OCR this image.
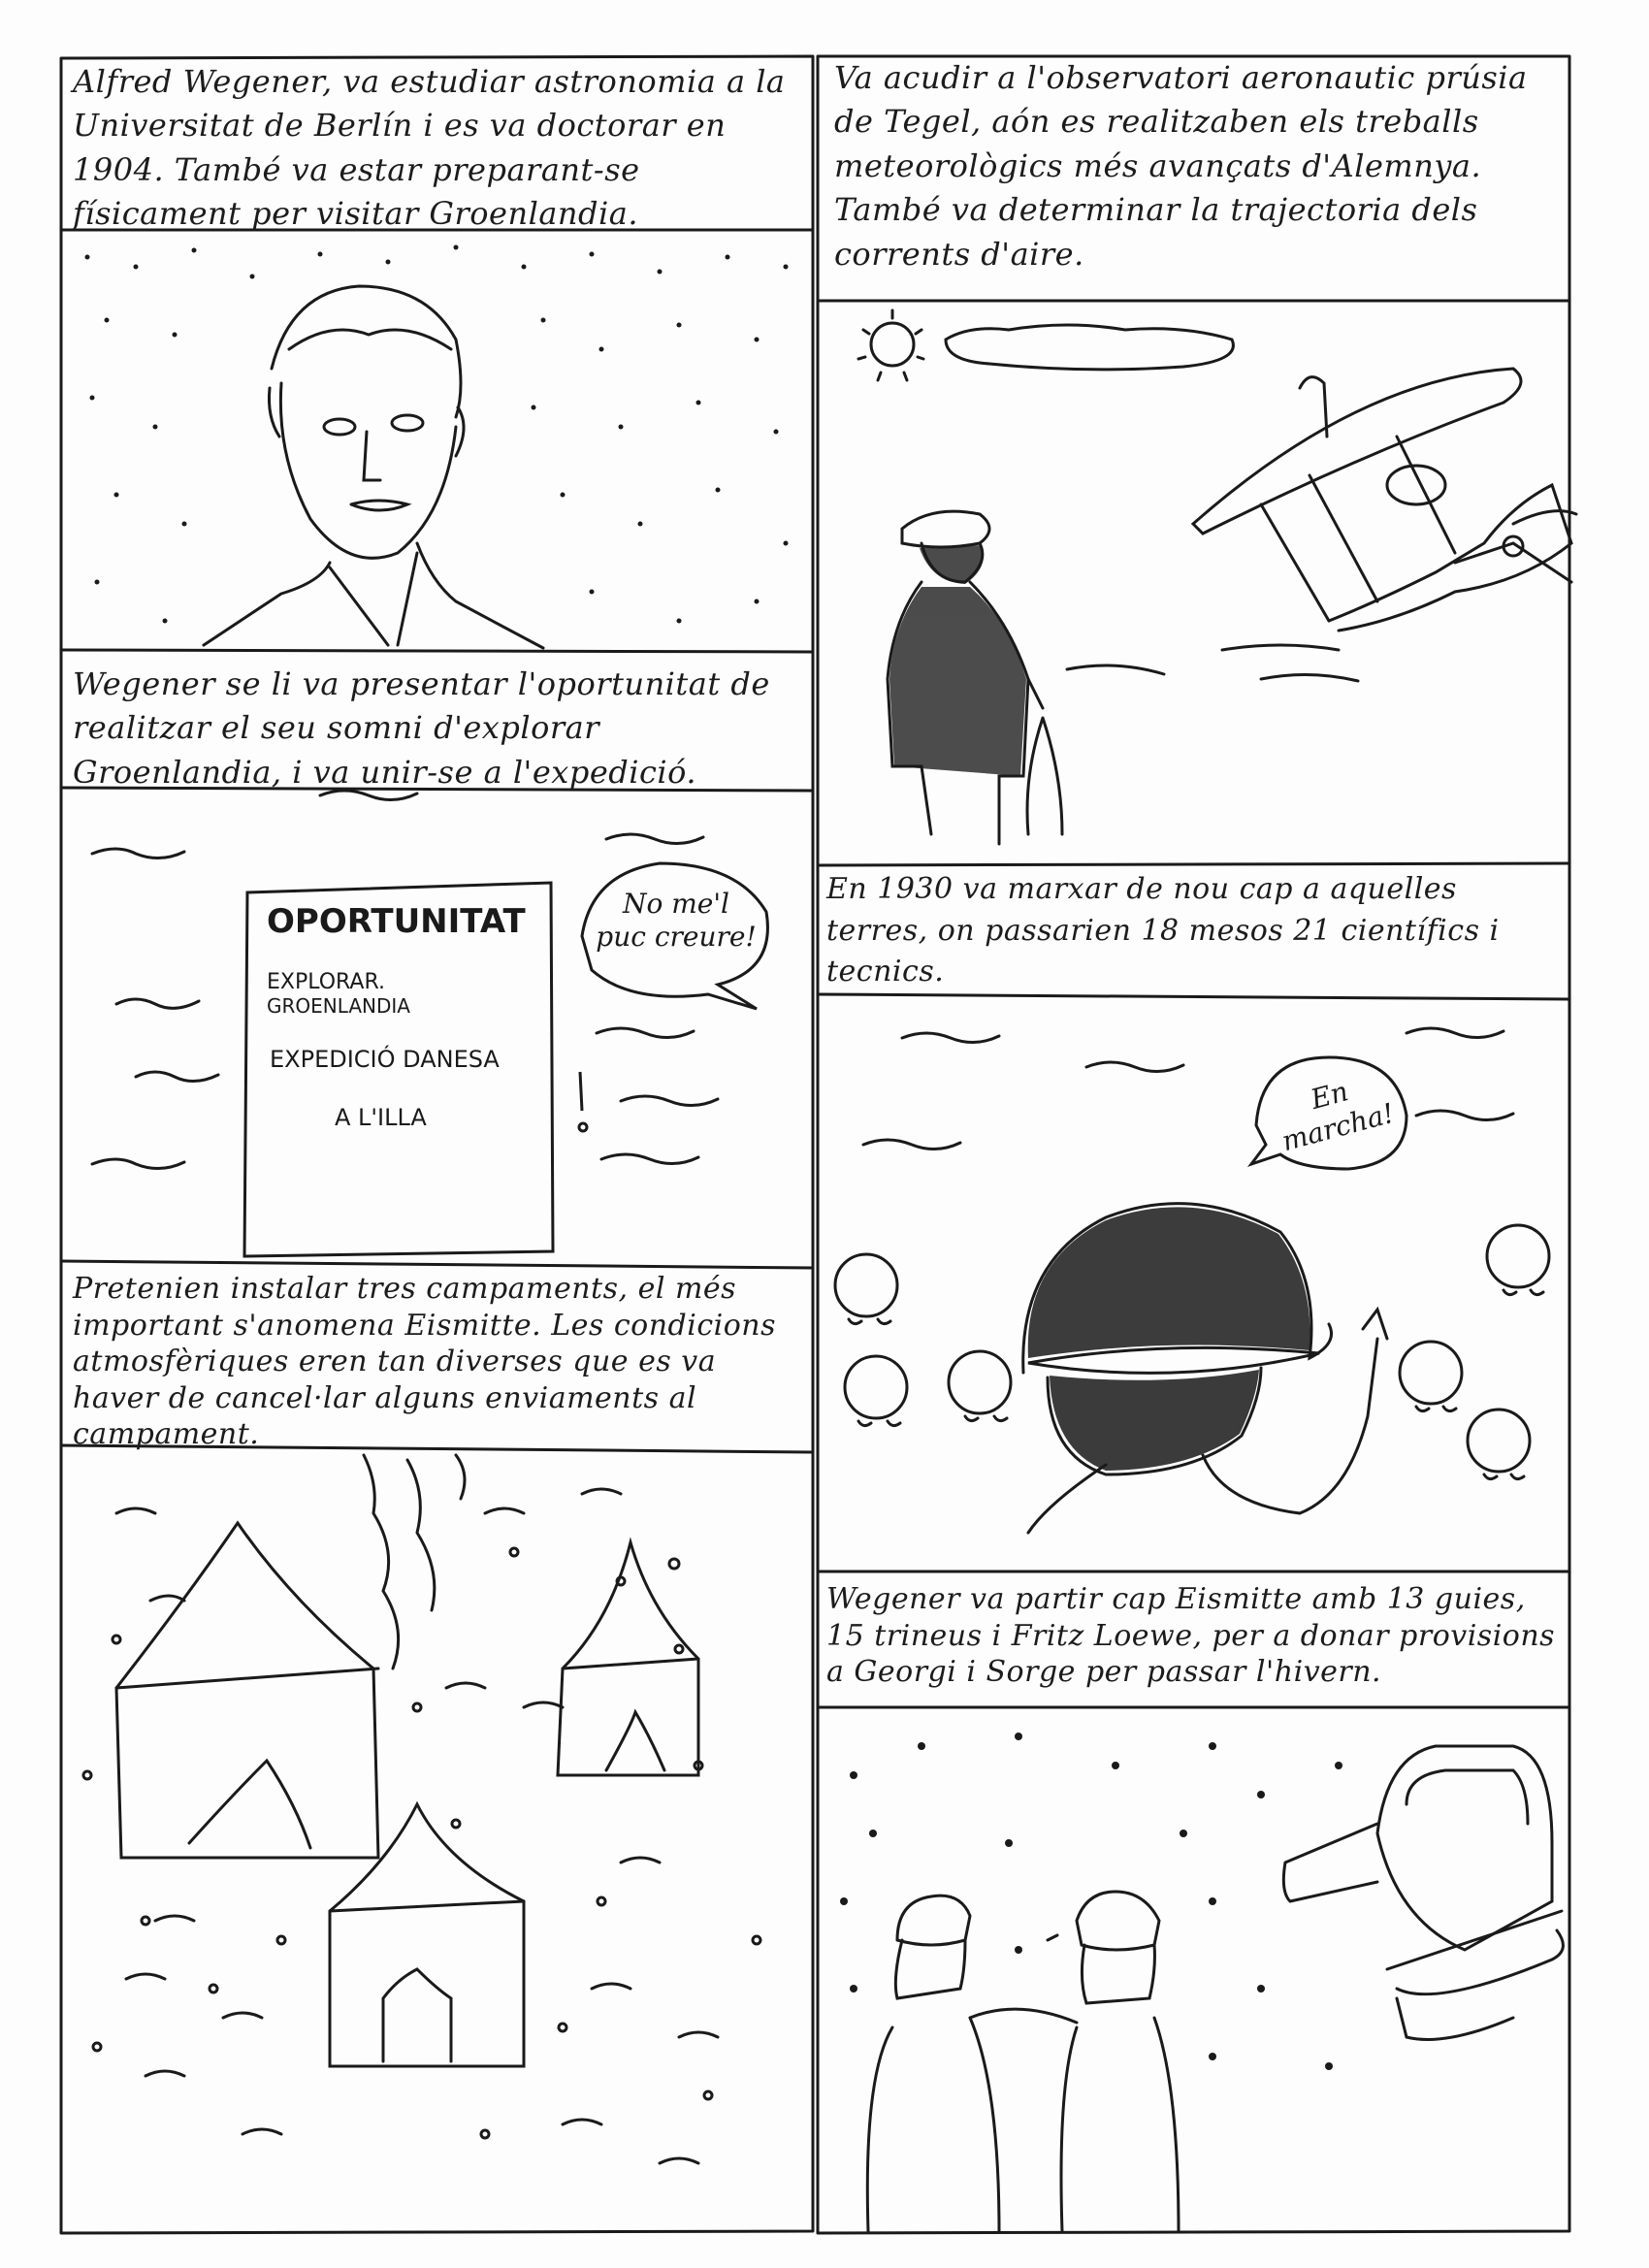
Alfred Wegener, va estudiar astronomia a la Universitat de Berlín i es va doctorar en 1904. També va estar preparant-se físicament per visitar Groenlandia.
Va acudir a l'observatori aeronautic prúsia de Tegel, aón es realitzaben els treballs meteorològics més avançats d'Alemnya. També va determinar la trajectoria dels corrents d'aire.
Wegener se li va presentar l'oportunitat de realitzar el seu somni d'explorar Groenlandia, i va unir-se a l'expedició.
En 1930 va marxar de nou cap a aquelles terres, on passarien 18 mesos 21 científics i tecnics.
Pretenien instalar tres campaments, el més important s'anomena Eismitte. Les condicions atmosfèriques eren tan diverses que es va haver de cancel·lar alguns enviaments al campament.
Wegener va partir cap Eismitte amb 13 guies, 15 trineus i Fritz Loewe, per a donar provisions a Georgi i Sorge per passar l'hivern.
OPORTUNITAT
EXPLORAR.
GROENLANDIA
EXPEDICIÓ DANESA
A L'ILLA
No me'l puc creure!
En marcha!
